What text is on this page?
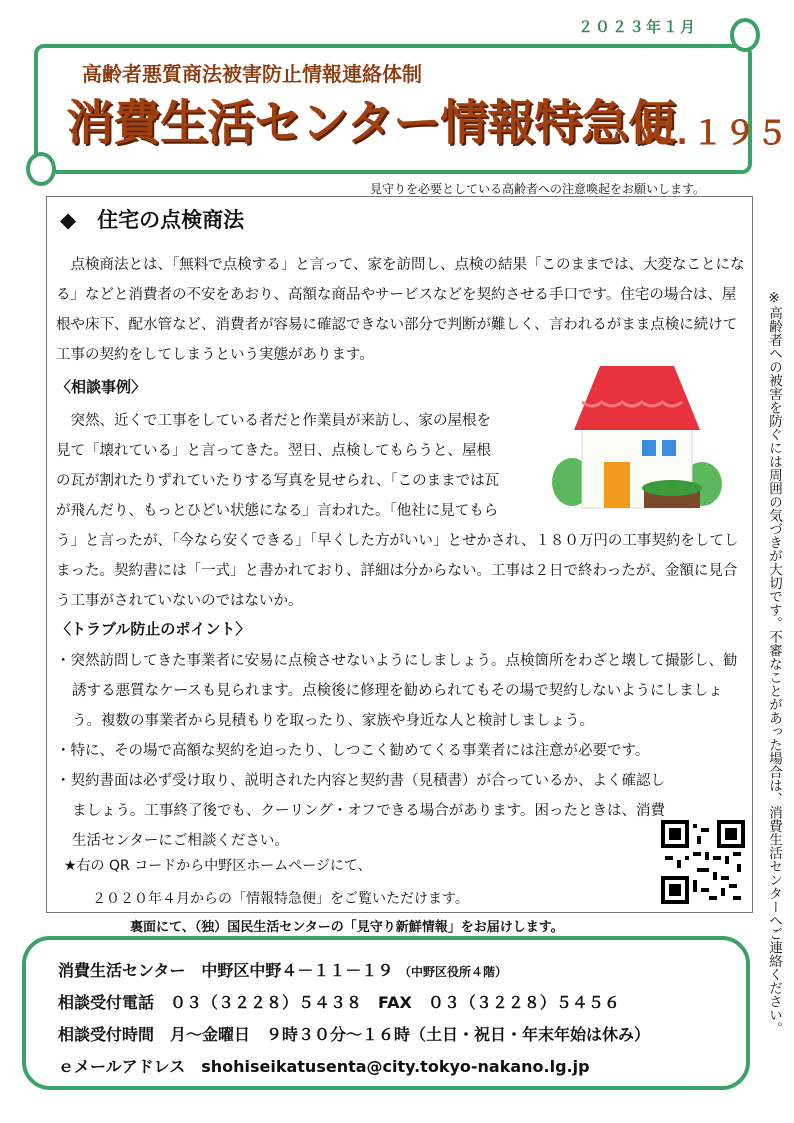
２０２３年１月
高齢者悪質商法被害防止情報連絡体制
消費生活センター情報特急便
NO.１９５
見守りを必要としている高齢者への注意喚起をお願いします。
◆　住宅の点検商法

点検商法とは、「無料で点検する」と言って、家を訪問し、点検の結果「このままでは、大変なことになる」などと消費者の不安をあおり、高額な商品やサービスなどを契約させる手口です。住宅の場合は、屋根や床下、配水管など、消費者が容易に確認できない部分で判断が難しく、言われるがまま点検に続けて工事の契約をしてしまうという実態があります。

〈相談事例〉
突然、近くで工事をしている者だと作業員が来訪し、家の屋根を
見て「壊れている」と言ってきた。翌日、点検してもらうと、屋根
の瓦が割れたりずれていたりする写真を見せられ、「このままでは瓦
が飛んだり、もっとひどい状態になる」言われた。「他社に見てもら

う」と言ったが、「今なら安くできる」「早くした方がいい」とせかされ、１８０万円の工事契約をしてしまった。契約書には「一式」と書かれており、詳細は分からない。工事は２日で終わったが、金額に見合う工事がされていないのではないか。

〈トラブル防止のポイント〉
・突然訪問してきた事業者に安易に点検させないようにしましょう。点検箇所をわざと壊して撮影し、勧誘する悪質なケースも見られます。点検後に修理を勧められてもその場で契約しないようにしましょう。複数の事業者から見積もりを取ったり、家族や身近な人と検討しましょう。
・特に、その場で高額な契約を迫ったり、しつこく勧めてくる事業者には注意が必要です。
・契約書面は必ず受け取り、説明された内容と契約書（見積書）が合っているか、よく確認しましょう。工事終了後でも、クーリング・オフできる場合があります。困ったときは、消費生活センターにご相談ください。
★右の QR コードから中野区ホームページにて、
２０２０年４月からの「情報特急便」をご覧いただけます。
裏面にて、（独）国民生活センターの「見守り新鮮情報」をお届けします。	※高齢者への被害を防ぐには周囲の気づきが大切です。不審なことがあった場合は、消費生活センターへご連絡ください。
消費生活センター　中野区中野４－１１－１９ （中野区役所４階）
相談受付電話　０３（３２２８）５４３８　FAX　０３（３２２８）５４５６
相談受付時間　月～金曜日　９時３０分～１６時（土日・祝日・年末年始は休み）
ｅメールアドレス　shohiseikatusenta@city.tokyo-nakano.lg.jp
